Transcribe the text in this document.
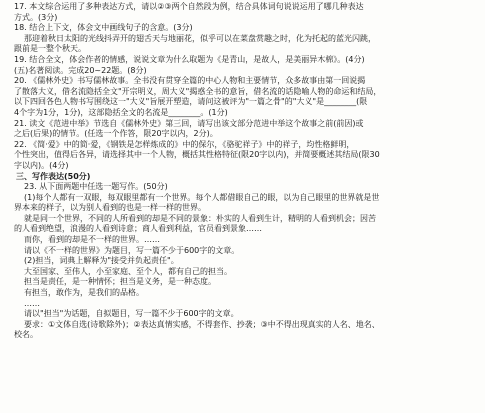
17. 本文综合运用了多种表达方式，请以②③两个自然段为例，结合具体词句说说运用了哪几种表达
方式。(3分)
18. 结合上下文，体会文中画线句子的含意。(3分)
那迎着秋日太阳的光线抖弄开的翅舌天与地丽花，似乎可以在菜盘赏趣之时，化为托起的蓝光闪跳，
跟前是一整个秋天。
19. 结合全文，体会作者的情感，说说文章为什么取题为《是青山，是故人，是美丽异木棉》。(4分)
(五)名著阅读。完成20~22题。(8分)
20. 《儒林外史》书写儒林故事。全书没有贯穿全篇的中心人物和主要情节，众多故事由第一回说揭
了散落大义，借名流隐括全文"开宗明义，周大义"揭惑全书的意旨，借名流的话隐喻人物的命运和结局，
以下四回各色人物书写围绕这一"大义"旨展开塑造，请问这被评为"一篇之骨"的"大义"是________(限
4个字为1分，1分)，这部隐括全文的名流是________。(1分)
21. 读文《范进中举》节选自《儒林外史》第三回，请写出该文部分范进中举这个故事之前(前因)或
之后(后果)的情节。(任选一个作答，限20字以内，2分)。
22. 《简·爱》中的简·爱，《钢铁是怎样炼成的》中的保尔，《骆驼祥子》中的祥子，均性格鲜明，
个性突出，值得后各异，请选择其中一个人物，概括其性格特征(限20字以内)，并简要概述其结局(限30
字以内)。(4分)
三、写作表达(50分)
23. 从下面两题中任选一题写作。(50分)
(1)每个人都有一双眼，每双眼里都有一个世界。每个人都借眼自己的眼，以为自己眼里的世界就是世
界本来的样子，以为别人看到的也是一样一样的世界。
就是同一个世界，不同的人所看到的却是不同的景象：朴实的人看到生计，精明的人看到机会；因苦
的人看到绝望，浪漫的人看到诗意；商人看到利益，官员看到景象……
而你，看到的却是不一样的世界。……
请以《不一样的世界》为题目，写一篇不少于600字的文章。
(2)担当，词典上解释为"接受并负起责任"。
大至国家、至伟人，小至家庭、至个人，都有自己的担当。
担当是责任，是一种情怀；担当是义务，是一种态度。
有担当，敢作为，是我们的品格。
……
请以"担当"为话题，自拟题目，写一篇不少于600字的文章。
要求：①文体自选(诗歌除外)；②表达真情实感，不得套作、抄袭；③中不得出现真实的人名、地名、
校名。
